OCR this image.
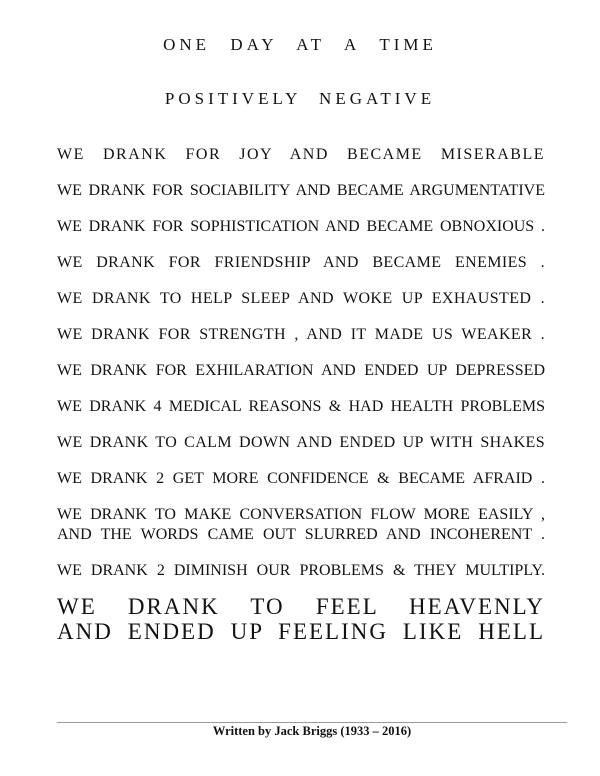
ONE DAY AT A TIME
POSITIVELY NEGATIVE
WE DRANK FOR JOY AND BECAME MISERABLE
WE DRANK FOR SOCIABILITY AND BECAME ARGUMENTATIVE
WE DRANK FOR SOPHISTICATION AND BECAME OBNOXIOUS .
WE DRANK FOR FRIENDSHIP AND BECAME ENEMIES .
WE DRANK TO HELP SLEEP AND WOKE UP EXHAUSTED .
WE DRANK FOR STRENGTH , AND IT MADE US WEAKER .
WE DRANK FOR EXHILARATION AND ENDED UP DEPRESSED
WE DRANK 4 MEDICAL REASONS & HAD HEALTH PROBLEMS
WE DRANK TO CALM DOWN AND ENDED UP WITH SHAKES
WE DRANK 2 GET MORE CONFIDENCE & BECAME AFRAID .
WE DRANK TO MAKE CONVERSATION FLOW MORE EASILY ,
AND THE WORDS CAME OUT SLURRED AND INCOHERENT .
WE DRANK 2 DIMINISH OUR PROBLEMS & THEY MULTIPLY.
WE DRANK TO FEEL HEAVENLY
AND ENDED UP FEELING LIKE HELL
Written by Jack Briggs (1933 – 2016)
